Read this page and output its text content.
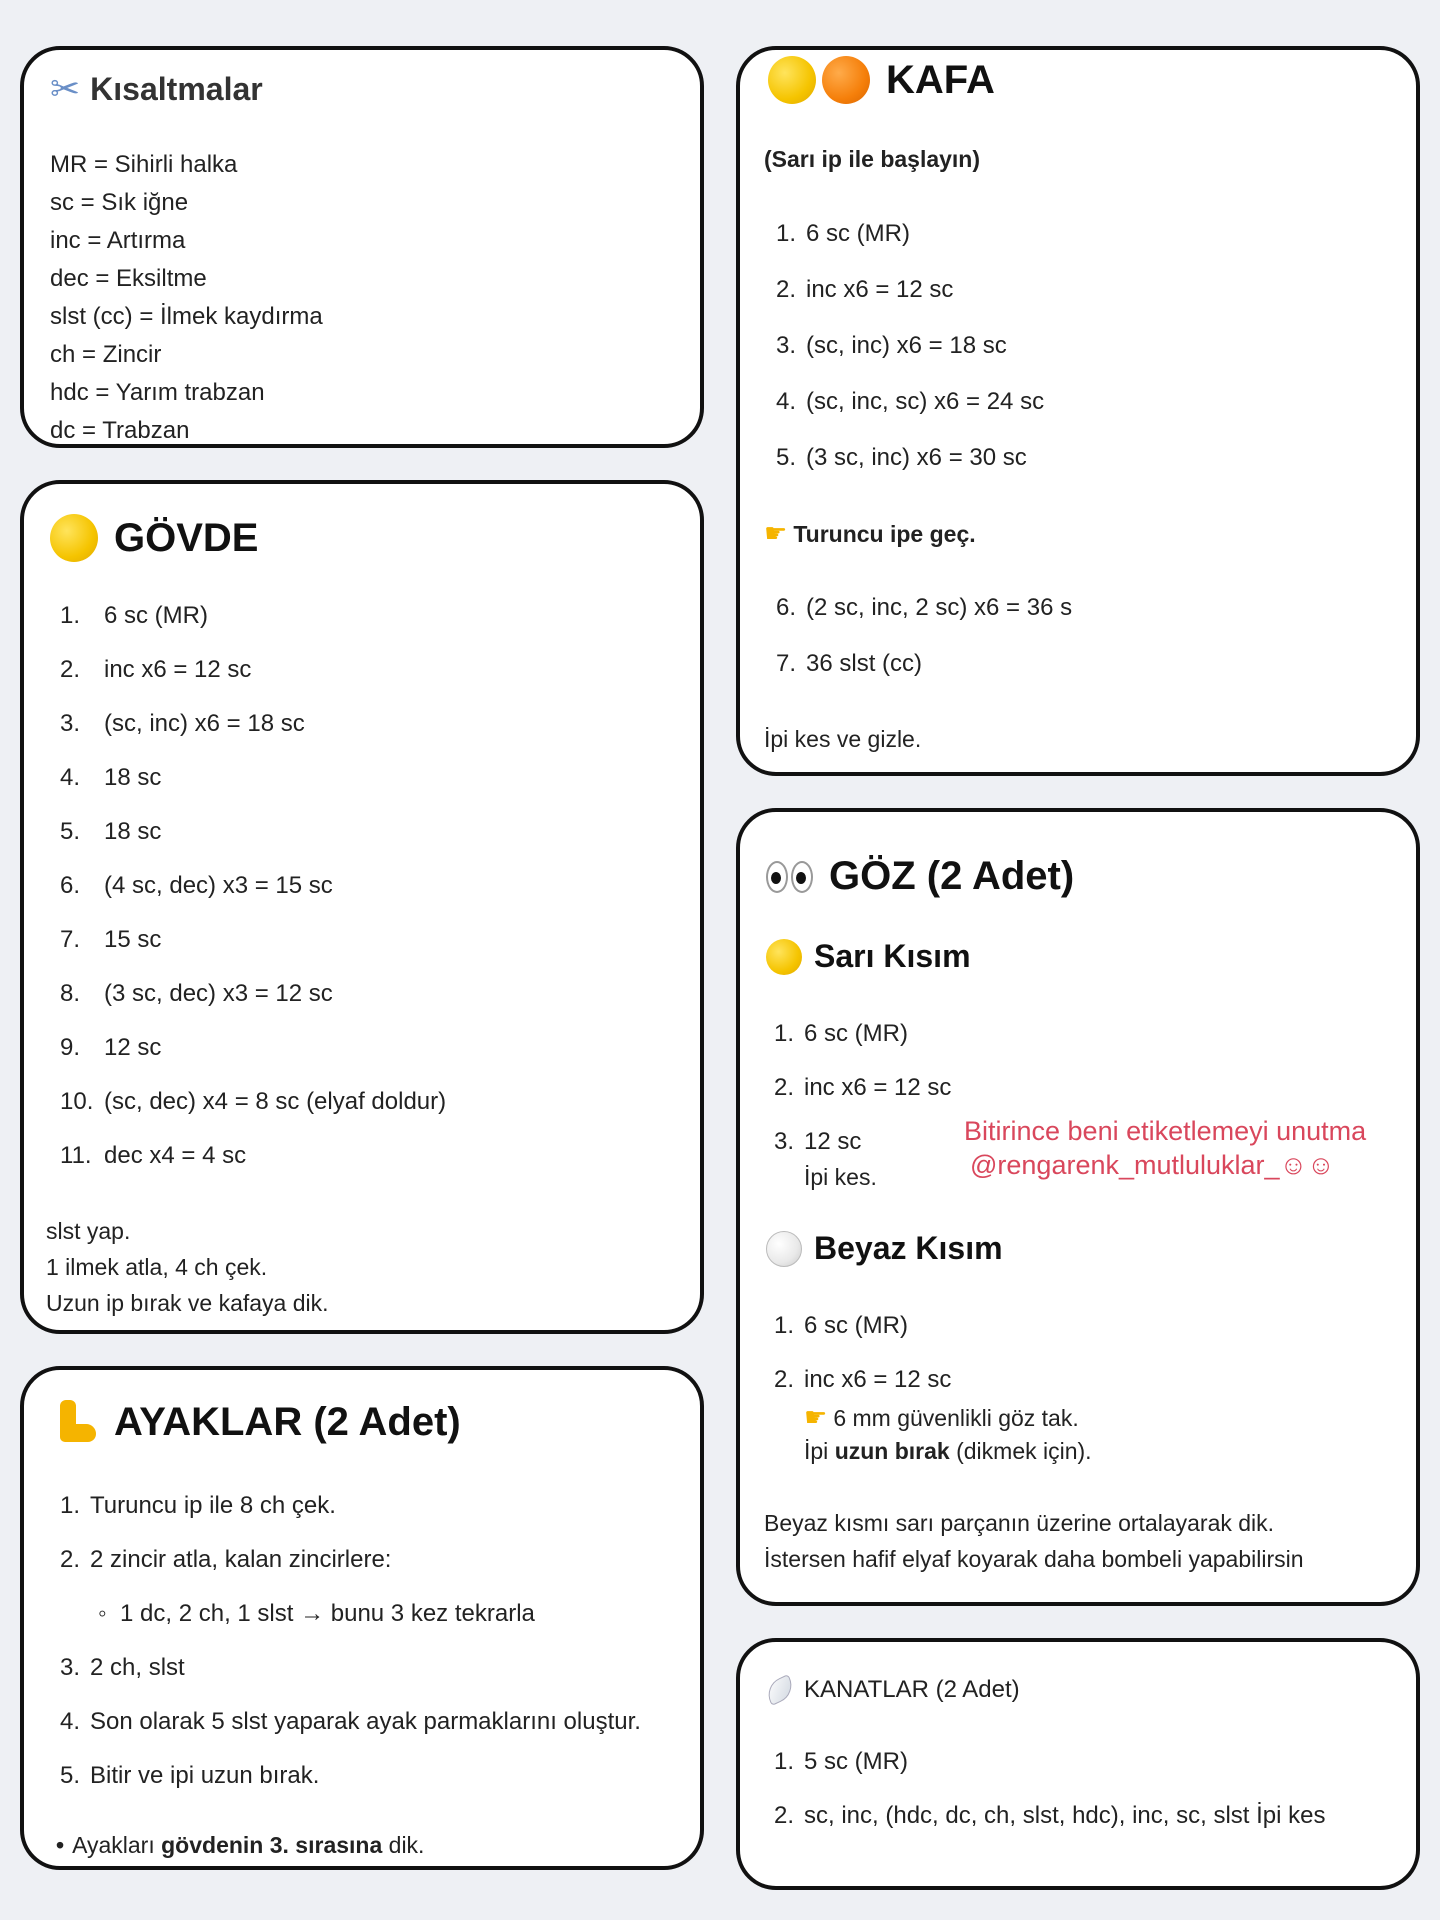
✂ Kısaltmalar
MR = Sihirli halka
sc = Sık iğne
inc = Artırma
dec = Eksiltme
slst (cc) = İlmek kaydırma
ch = Zincir
hdc = Yarım trabzan
dc = Trabzan
GÖVDE
1. 6 sc (MR)
2. inc x6 = 12 sc
3. (sc, inc) x6 = 18 sc
4. 18 sc
5. 18 sc
6. (4 sc, dec) x3 = 15 sc
7. 15 sc
8. (3 sc, dec) x3 = 12 sc
9. 12 sc
10. (sc, dec) x4 = 8 sc (elyaf doldur)
11. dec x4 = 4 sc
slst yap.
1 ilmek atla, 4 ch çek.
Uzun ip bırak ve kafaya dik.
AYAKLAR (2 Adet)
1. Turuncu ip ile 8 ch çek.
2. 2 zincir atla, kalan zincirlere:
◦ 1 dc, 2 ch, 1 slst → bunu 3 kez tekrarla
3. 2 ch, slst
4. Son olarak 5 slst yaparak ayak parmaklarını oluştur.
5. Bitir ve ipi uzun bırak.
• Ayakları gövdenin 3. sırasına dik.
KAFA
(Sarı ip ile başlayın)
1. 6 sc (MR)
2. inc x6 = 12 sc
3. (sc, inc) x6 = 18 sc
4. (sc, inc, sc) x6 = 24 sc
5. (3 sc, inc) x6 = 30 sc
☛ Turuncu ipe geç.
6. (2 sc, inc, 2 sc) x6 = 36 s
7. 36 slst (cc)
İpi kes ve gizle.
GÖZ (2 Adet)
Sarı Kısım
1. 6 sc (MR)
2. inc x6 = 12 sc
3. 12 sc
İpi kes.
Bitirince beni etiketlemeyi unutma
@rengarenk_mutluluklar_☺☺
Beyaz Kısım
1. 6 sc (MR)
2. inc x6 = 12 sc
☛ 6 mm güvenlikli göz tak.
İpi uzun bırak (dikmek için).
Beyaz kısmı sarı parçanın üzerine ortalayarak dik.
İstersen hafif elyaf koyarak daha bombeli yapabilirsin
KANATLAR (2 Adet)
1. 5 sc (MR)
2. sc, inc, (hdc, dc, ch, slst, hdc), inc, sc, slst İpi kes
